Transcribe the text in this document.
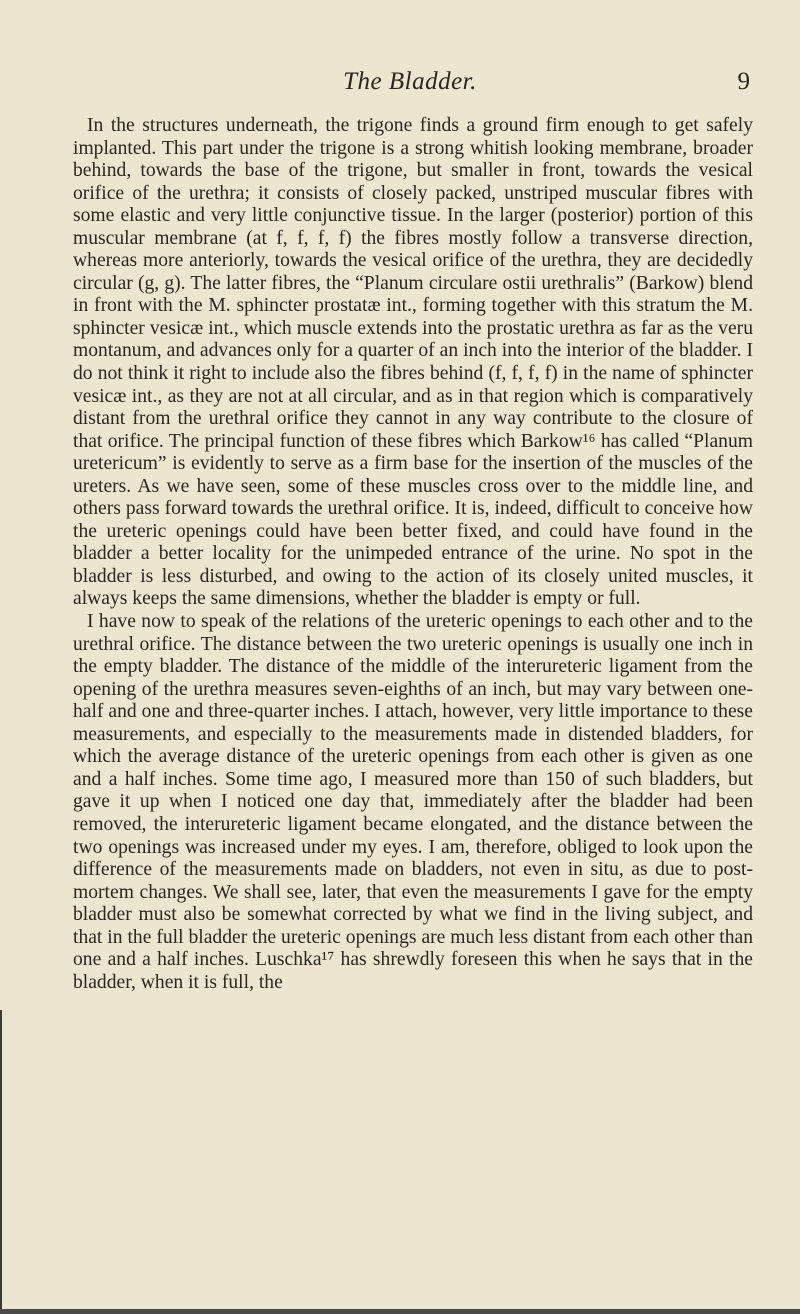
The Bladder.	9

In the structures underneath, the trigone finds a ground firm enough to get safely implanted. This part under the trigone is a strong whitish looking membrane, broader behind, towards the base of the trigone, but smaller in front, towards the vesical orifice of the urethra; it consists of closely packed, unstriped muscular fibres with some elastic and very little conjunctive tissue. In the larger (posterior) portion of this muscular membrane (at f, f, f, f) the fibres mostly follow a transverse direction, whereas more anteriorly, towards the vesical orifice of the urethra, they are decidedly circular (g, g). The latter fibres, the “Planum circulare ostii urethralis” (Barkow) blend in front with the M. sphincter prostatæ int., forming together with this stratum the M. sphincter vesicæ int., which muscle extends into the prostatic urethra as far as the veru montanum, and advances only for a quarter of an inch into the interior of the bladder. I do not think it right to include also the fibres behind (f, f, f, f) in the name of sphincter vesicæ int., as they are not at all circular, and as in that region which is comparatively distant from the urethral orifice they cannot in any way contribute to the closure of that orifice. The principal function of these fibres which Barkow¹⁶ has called “Planum uretericum” is evidently to serve as a firm base for the insertion of the muscles of the ureters. As we have seen, some of these muscles cross over to the middle line, and others pass forward towards the urethral orifice. It is, indeed, difficult to conceive how the ureteric openings could have been better fixed, and could have found in the bladder a better locality for the unimpeded entrance of the urine. No spot in the bladder is less disturbed, and owing to the action of its closely united muscles, it always keeps the same dimensions, whether the bladder is empty or full.

I have now to speak of the relations of the ureteric openings to each other and to the urethral orifice. The distance between the two ureteric openings is usually one inch in the empty bladder. The distance of the middle of the interureteric ligament from the opening of the urethra measures seven-eighths of an inch, but may vary between one-half and one and three-quarter inches. I attach, however, very little importance to these measurements, and especially to the measurements made in distended bladders, for which the average distance of the ureteric openings from each other is given as one and a half inches. Some time ago, I measured more than 150 of such bladders, but gave it up when I noticed one day that, immediately after the bladder had been removed, the interureteric ligament became elongated, and the distance between the two openings was increased under my eyes. I am, therefore, obliged to look upon the difference of the measurements made on bladders, not even in situ, as due to post-mortem changes. We shall see, later, that even the measurements I gave for the empty bladder must also be somewhat corrected by what we find in the living subject, and that in the full bladder the ureteric openings are much less distant from each other than one and a half inches. Luschka¹⁷ has shrewdly foreseen this when he says that in the bladder, when it is full, the
